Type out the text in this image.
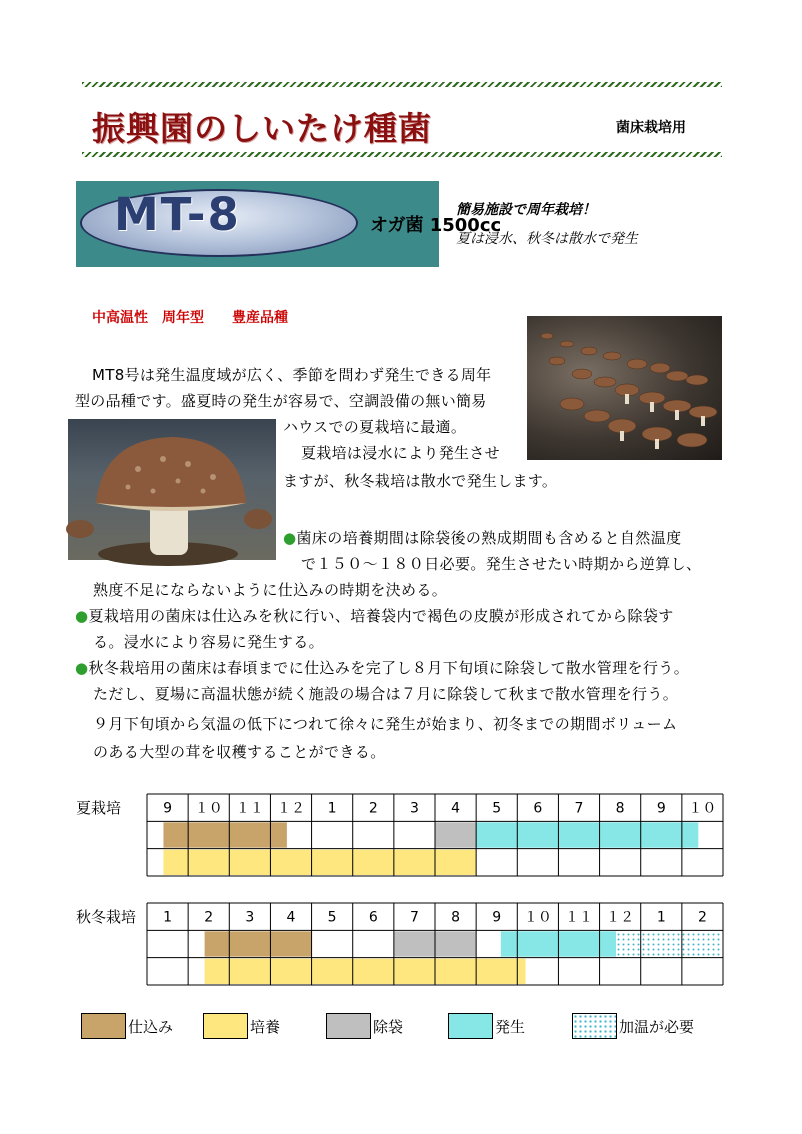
振興園のしいたけ種菌	菌床栽培用
MT-8	オガ菌 1500cc
簡易施設で周年栽培！
夏は浸水、秋冬は散水で発生
中高温性　周年型　　豊産品種
MT8号は発生温度域が広く、季節を問わず発生できる周年
型の品種です。盛夏時の発生が容易で、空調設備の無い簡易
ハウスでの夏栽培に最適。
夏栽培は浸水により発生させ
ますが、秋冬栽培は散水で発生します。
●菌床の培養期間は除袋後の熟成期間も含めると自然温度
で１５０～１８０日必要。発生させたい時期から逆算し、
熟度不足にならないように仕込みの時期を決める。
●夏栽培用の菌床は仕込みを秋に行い、培養袋内で褐色の皮膜が形成されてから除袋す
る。浸水により容易に発生する。
●秋冬栽培用の菌床は春頃までに仕込みを完了し８月下旬頃に除袋して散水管理を行う。
ただし、夏場に高温状態が続く施設の場合は７月に除袋して秋まで散水管理を行う。
９月下旬頃から気温の低下につれて徐々に発生が始まり、初冬までの期間ボリューム
のある大型の茸を収穫することができる。
夏栽培
秋冬栽培
9 １０ １１ １２ 1 2 3 4 5 6 7 8 9 １０
1 2 3 4 5 6 7 8 9 １０ １１ １２ 1 2
仕込み	培養	除袋	発生	加温が必要
